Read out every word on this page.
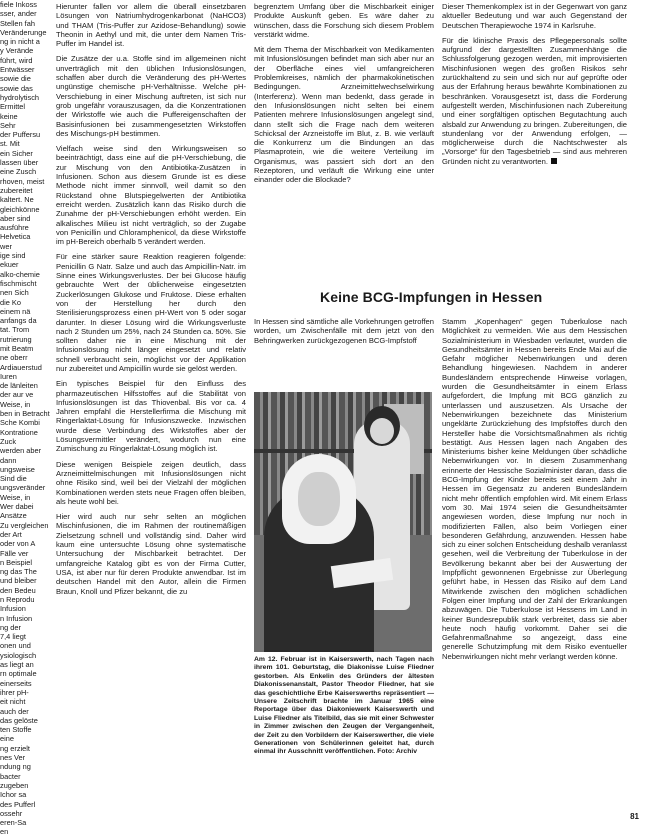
fiele Inkoss
sser, ander
Stellen fah
Veränderunge
ng in nicht a
y Verände
führt, wird
Entwässer
sowie die
sowie das
hydrolytisch
Ermittel
keine
Sehr
der Puffersu
st. Mit
ein Sicher
lassen über
eine Zusch
rhoven, meist
zubereitet
kaltert. Ne
gleichkönne
aber sind
ausführe
Helvetica
wer
ige sind
ekuer
alko-chemie
fischmischt
nen Sich
die Ko
einem nä
anfangs da
tat. Trom
rutrierung
mit Beatm
ne oberr
Ardiauerstud
Iuren
de länleiten
der aur ve
Weise, in
ben in Betracht
Sche Kombi
Kontratione
Zuck
werden aber
dann
ungsweise
Sind die
ungsveränder
Weise, in
Wer dabei
Ansätze
Zu vergleichen
der Art
oder von A
Fälle ver
n Beispiel
ng das The
und bleiber
den Bedeu
n Reprodu
Infusion
n Infusion
ng der
7,4 liegt
onen und
ysiologisch
as liegt an
rn optimale
einerseits
ihrer pH-
eit nicht
auch der
das gelöste
ten Stoffe
eine
ng erzielt
nes Ver
ndung ng
bacter
zugeben
Ichor sa
des Pufferl
ossehr
eren-Sa
en

Hierunter fallen vor allem die überall einsetzbaren Lösungen von Natriumhydrogenkarbonat (NaHCO3) und THAM (Tris-Puffer zur Azidose-Behandlung) sowie Theonin in Aethyl und mit, die unter dem Namen Tris-Puffer im Handel ist.

Die Zusätze der u.a. Stoffe sind im allgemeinen nicht unverträglich mit den üblichen Infusionslösungen, schaffen aber durch die Veränderung des pH-Wertes ungünstige chemische pH-Verhältnisse. Welche pH-Verschiebung in einer Mischung auftreten, ist sich nur grob ungefähr vorauszusagen, da die Konzentrationen der Wirkstoffe wie auch die Puffereigenschaften der Basisinfusionen bei zusammengesetzten Wirkstoffen des Mischungs-pH bestimmen.

Vielfach weise sind den Wirkungsweisen so beeinträchtigt, dass eine auf die pH-Verschiebung, die zur Mischung von den Antibiotika-Zusätzen in Infusionen. Schon aus diesem Grunde ist es diese Methode nicht immer sinnvoll, weil damit so den Rückstand ohne Blutspiegelwerten der Antibiotika erreicht werden. Zusätzlich kann das Risiko durch die Zunahme der pH-Verschiebungen erhöht werden. Ein alkalisches Milieu ist nicht verträglich, so der Zugabe von Penicillin und Chloramphenicol, da diese Wirkstoffe im pH-Bereich oberhalb 5 verändert werden.

Für eine stärker saure Reaktion reagieren folgende: Penicillin G Natr. Salze und auch das Ampicillin-Natr. im Sinne eines Wirkungsverlustes. Der bei Glucose häufig gebrauchte Wert der üblicherweise eingesetzten Zuckerlösungen Glukose und Fruktose. Diese erhalten von der Herstellung her durch den Sterilisierungsprozess einen pH-Wert von 5 oder sogar darunter. In dieser Lösung wird die Wirkungsverluste nach 2 Stunden um 25%, nach 24 Stunden ca. 50%. Sie sollten daher nie in eine Mischung mit der Infusionslösung nicht länger eingesetzt und relativ schnell verbraucht sein, möglichst vor der Applikation nur zubereitet und Ampicillin wurde sie gelöst werden.

Ein typisches Beispiel für den Einfluss des pharmazeutischen Hilfsstoffes auf die Stabilität von Infusionslösungen ist das Thiovenbal. Bis vor ca. 4 Jahren empfahl die Herstellerfirma die Mischung mit Ringerlaktat-Lösung für Infusionszwecke. Inzwischen wurde diese Verbindung des Wirkstoffes aber der Lösungsvermittler verändert, wodurch nun eine Zumischung zu Ringerlaktat-Lösung möglich ist.

Diese wenigen Beispiele zeigen deutlich, dass Arzneimittelmischungen mit Infusionslösungen nicht ohne Risiko sind, weil bei der Vielzahl der möglichen Kombinationen werden stets neue Fragen offen bleiben, als heute wohl bei.

Hier wird auch nur sehr selten an möglichen Mischinfusionen, die im Rahmen der routinemäßigen Zielsetzung schnell und vollständig sind. Daher wird kaum eine untersuchte Lösung ohne systematische Untersuchung der Mischbarkeit betrachtet. Der umfangreiche Katalog gibt es von der Firma Cutter, USA, ist aber nur für deren Produkte anwendbar. Ist im deutschen Handel mit den Autor, allein die Firmen Braun, Knoll und Pfizer bekannt, die zu

begrenztem Umfang über die Mischbarkeit einiger Produkte Auskunft geben. Es wäre daher zu wünschen, dass die Forschung sich diesem Problem verstärkt widme.

Mit dem Thema der Mischbarkeit von Medikamenten mit Infusionslösungen befindet man sich aber nur an der Oberfläche eines viel umfangreicheren Problemkreises, nämlich der pharmakokinetischen Bedingungen. Arzneimittelwechselwirkung (Interferenz). Wenn man bedenkt, dass gerade in den Infusionslösungen nicht selten bei einem Patienten mehrere Infusionslösungen angelegt sind, dann stellt sich die Frage nach dem weiteren Schicksal der Arzneistoffe im Blut, z. B. wie verläuft die Konkurrenz um die Bindungen an das Plasmaprotein, wie die weitere Verteilung im Organismus, was passiert sich dort an den Rezeptoren, und verläuft die Wirkung eine unter einander oder die Blockade?

Dieser Themenkomplex ist in der Gegenwart von ganz aktueller Bedeutung und war auch Gegenstand der Deutschen Therapiewoche 1974 in Karlsruhe.

Für die klinische Praxis des Pflegepersonals sollte aufgrund der dargestellten Zusammenhänge die Schlussfolgerung gezogen werden, mit improvisierten Mischinfusionen wegen des großen Risikos sehr zurückhaltend zu sein und sich nur auf geprüfte oder aus der Erfahrung heraus bewährte Kombinationen zu beschränken. Vorausgesetzt ist, dass die Forderung aufgestellt werden, Mischinfusionen nach Zubereitung und einer sorgfältigen optischen Begutachtung auch alsbald zur Anwendung zu bringen. Zubereitungen, die stundenlang vor der Anwendung erfolgen, — möglicherweise durch die Nachtschwester als „Vorsorge“ für den Tagesbetrieb — sind aus mehreren Gründen nicht zu verantworten.

Keine BCG-Impfungen in Hessen

In Hessen sind sämtliche alle Vorkehrungen getroffen worden, um Zwischenfälle mit dem jetzt von den Behringwerken zurückgezogenen BCG-Impfstoff

Am 12. Februar ist in Kaiserswerth, nach Tagen nach ihrem 101. Geburtstag, die Diakonisse Luise Fliedner gestorben. Als Enkelin des Gründers der ältesten Diakonissenanstalt, Pastor Theodor Fliedner, hat sie das geschichtliche Erbe Kaiserswerths repräsentiert — Unsere Zeitschrift brachte im Januar 1965 eine Reportage über das Diakoniewerk Kaiserswerth und Luise Fliedner als Titelbild, das sie mit einer Schwester in Zimmer zwischen den Zeugen der Vergangenheit, der Zeit zu den Vorbildern der Kaiserswerther, die viele Generationen von Schülerinnen geleitet hat, durch einmal ihr Ausschnitt veröffentlichen. Foto: Archiv

Stamm „Kopenhagen“ gegen Tuberkulose nach Möglichkeit zu vermeiden. Wie aus dem Hessischen Sozialministerium in Wiesbaden verlautet, wurden die Gesundheitsämter in Hessen bereits Ende Mai auf die Gefahr möglicher Nebenwirkungen und deren Behandlung hingewiesen. Nachdem in anderer Bundesländern entsprechende Hinweise vorlagen, wurden die Gesundheitsämter in einem Erlass aufgefordert, die Impfung mit BCG gänzlich zu unterlassen und auszusetzen. Als Ursache der Nebenwirkungen bezeichnete das Ministerium ungeklärte Zurückziehung des Impfstoffes durch den Hersteller habe die Vorsichtsmaßnahmen als richtig bestätigt. Aus Hessen lagen nach Angaben des Ministeriums bisher keine Meldungen über schädliche Nebenwirkungen vor. In diesem Zusammenhang erinnerte der Hessische Sozialminister daran, dass die BCG-Impfung der Kinder bereits seit einem Jahr in Hessen im Gegensatz zu anderen Bundesländern nicht mehr öffentlich empfohlen wird. Mit einem Erlass vom 30. Mai 1974 seien die Gesundheitsämter angewiesen worden, diese Impfung nur noch in modifizierten Fällen, also beim Vorliegen einer besonderen Gefährdung, anzuwenden. Hessen habe sich zu einer solchen Entscheidung deshalb veranlasst gesehen, weil die Verbreitung der Tuberkulose in der Bevölkerung bekannt aber bei der Auswertung der Impfpflicht gewonnenen Ergebnisse zur Überlegung geführt habe, in Hessen das Risiko auf dem Land Mitwirkende zwischen den möglichen schädlichen Folgen einer Impfung und der Zahl der Erkrankungen abzuwägen. Die Tuberkulose ist Hessens im Land in keiner Bundesrepublik stark verbreitet, dass sie aber heute noch häufig vorkommt. Daher sei die Gefahrenmaßnahme so angezeigt, dass eine generelle Schutzimpfung mit dem Risiko eventueller Nebenwirkungen nicht mehr verlangt werden könne.

81
